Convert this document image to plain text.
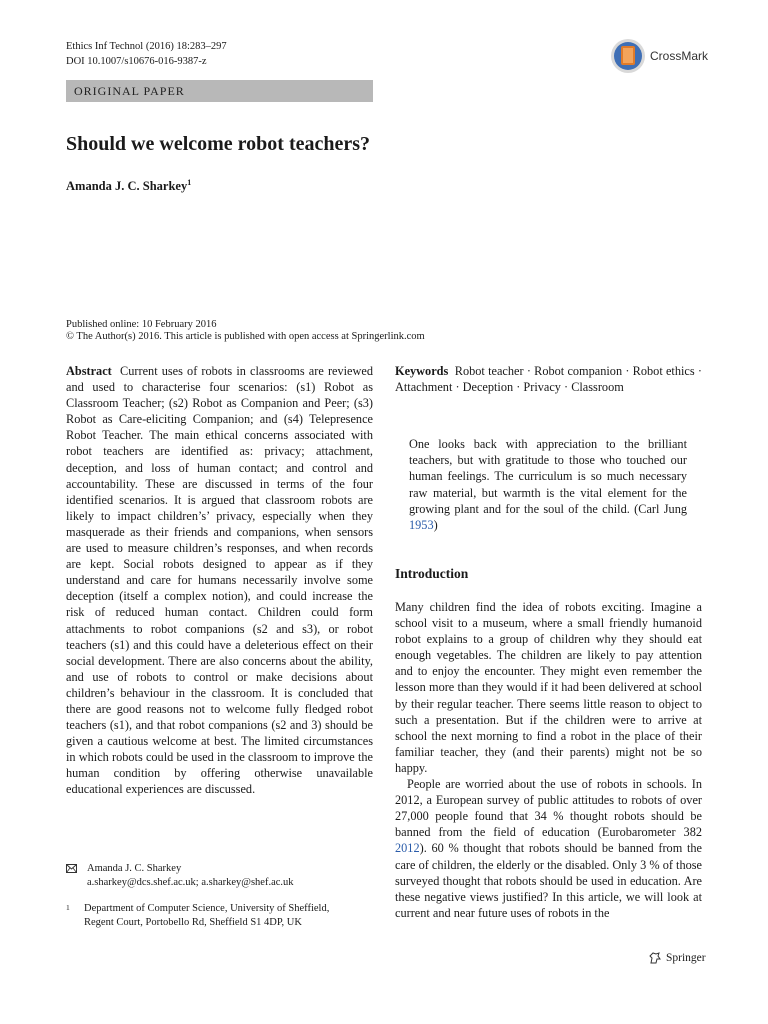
Ethics Inf Technol (2016) 18:283–297
DOI 10.1007/s10676-016-9387-z	CrossMark
ORIGINAL PAPER
Should we welcome robot teachers?
Amanda J. C. Sharkey$^1$
Published online: 10 February 2016
© The Author(s) 2016. This article is published with open access at Springerlink.com

Abstract Current uses of robots in classrooms are reviewed and used to characterise four scenarios: (s1) Robot as Classroom Teacher; (s2) Robot as Companion and Peer; (s3) Robot as Care-eliciting Companion; and (s4) Telepresence Robot Teacher. The main ethical concerns associated with robot teachers are identified as: privacy; attachment, deception, and loss of human contact; and control and accountability. These are discussed in terms of the four identified scenarios. It is argued that classroom robots are likely to impact children’s’ privacy, especially when they masquerade as their friends and companions, when sensors are used to measure children’s responses, and when records are kept. Social robots designed to appear as if they understand and care for humans necessarily involve some deception (itself a complex notion), and could increase the risk of reduced human contact. Children could form attachments to robot companions (s2 and s3), or robot teachers (s1) and this could have a deleterious effect on their social development. There are also concerns about the ability, and use of robots to control or make decisions about children’s behaviour in the classroom. It is concluded that there are good reasons not to welcome fully fledged robot teachers (s1), and that robot companions (s2 and 3) should be given a cautious welcome at best. The limited circumstances in which robots could be used in the classroom to improve the human condition by offering otherwise unavailable educational experiences are discussed.

Amanda J. C. Sharkey
a.sharkey@dcs.shef.ac.uk; a.sharkey@shef.ac.uk
1	Department of Computer Science, University of Sheffield,
Regent Court, Portobello Rd, Sheffield S1 4DP, UK

Keywords Robot teacher · Robot companion · Robot ethics · Attachment · Deception · Privacy · Classroom

One looks back with appreciation to the brilliant teachers, but with gratitude to those who touched our human feelings. The curriculum is so much necessary raw material, but warmth is the vital element for the growing plant and for the soul of the child. (Carl Jung 1953)
Introduction

Many children find the idea of robots exciting. Imagine a school visit to a museum, where a small friendly humanoid robot explains to a group of children why they should eat enough vegetables. The children are likely to pay attention and to enjoy the encounter. They might even remember the lesson more than they would if it had been delivered at school by their regular teacher. There seems little reason to object to such a presentation. But if the children were to arrive at school the next morning to find a robot in the place of their familiar teacher, they (and their parents) might not be so happy.

People are worried about the use of robots in schools. In 2012, a European survey of public attitudes to robots of over 27,000 people found that 34 % thought robots should be banned from the field of education (Eurobarometer 382 2012). 60 % thought that robots should be banned from the care of children, the elderly or the disabled. Only 3 % of those surveyed thought that robots should be used in education. Are these negative views justified? In this article, we will look at current and near future uses of robots in the

Springer
